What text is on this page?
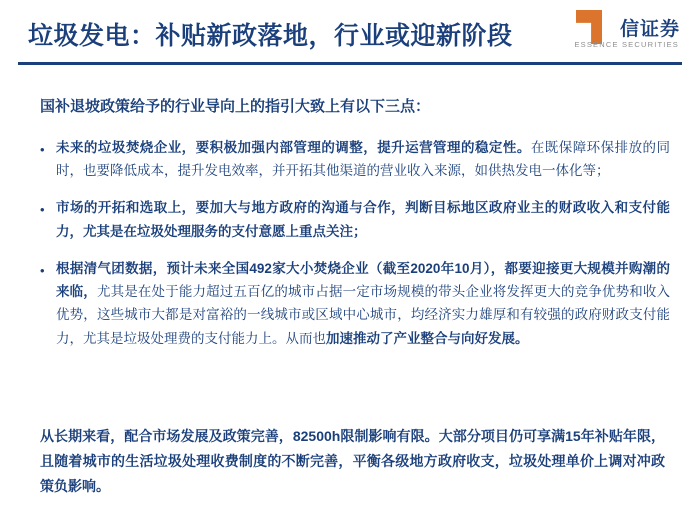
垃圾发电：补贴新政落地，行业或迎新阶段	信证券
ESSENCE SECURITIES
国补退坡政策给予的行业导向上的指引大致上有以下三点：
•
未来的垃圾焚烧企业，要积极加强内部管理的调整，提升运营管理的稳定性。在既保障环保排放的同时，也要降低成本，提升发电效率，并开拓其他渠道的营业收入来源，如供热发电一体化等；
•
市场的开拓和选取上，要加大与地方政府的沟通与合作，判断目标地区政府业主的财政收入和支付能力，尤其是在垃圾处理服务的支付意愿上重点关注；
•
根据清气团数据，预计未来全国492家大小焚烧企业（截至2020年10月），都要迎接更大规模并购潮的来临，尤其是在处于能力超过五百亿的城市占据一定市场规模的带头企业将发挥更大的竞争优势和收入优势，这些城市大都是对富裕的一线城市或区域中心城市，均经济实力雄厚和有较强的政府财政支付能力，尤其是垃圾处理费的支付能力上。从而也加速推动了产业整合与向好发展。
从长期来看，配合市场发展及政策完善，82500h限制影响有限。大部分项目仍可享满15年补贴年限，且随着城市的生活垃圾处理收费制度的不断完善，平衡各级地方政府收支，垃圾处理单价上调对冲政策负影响。
